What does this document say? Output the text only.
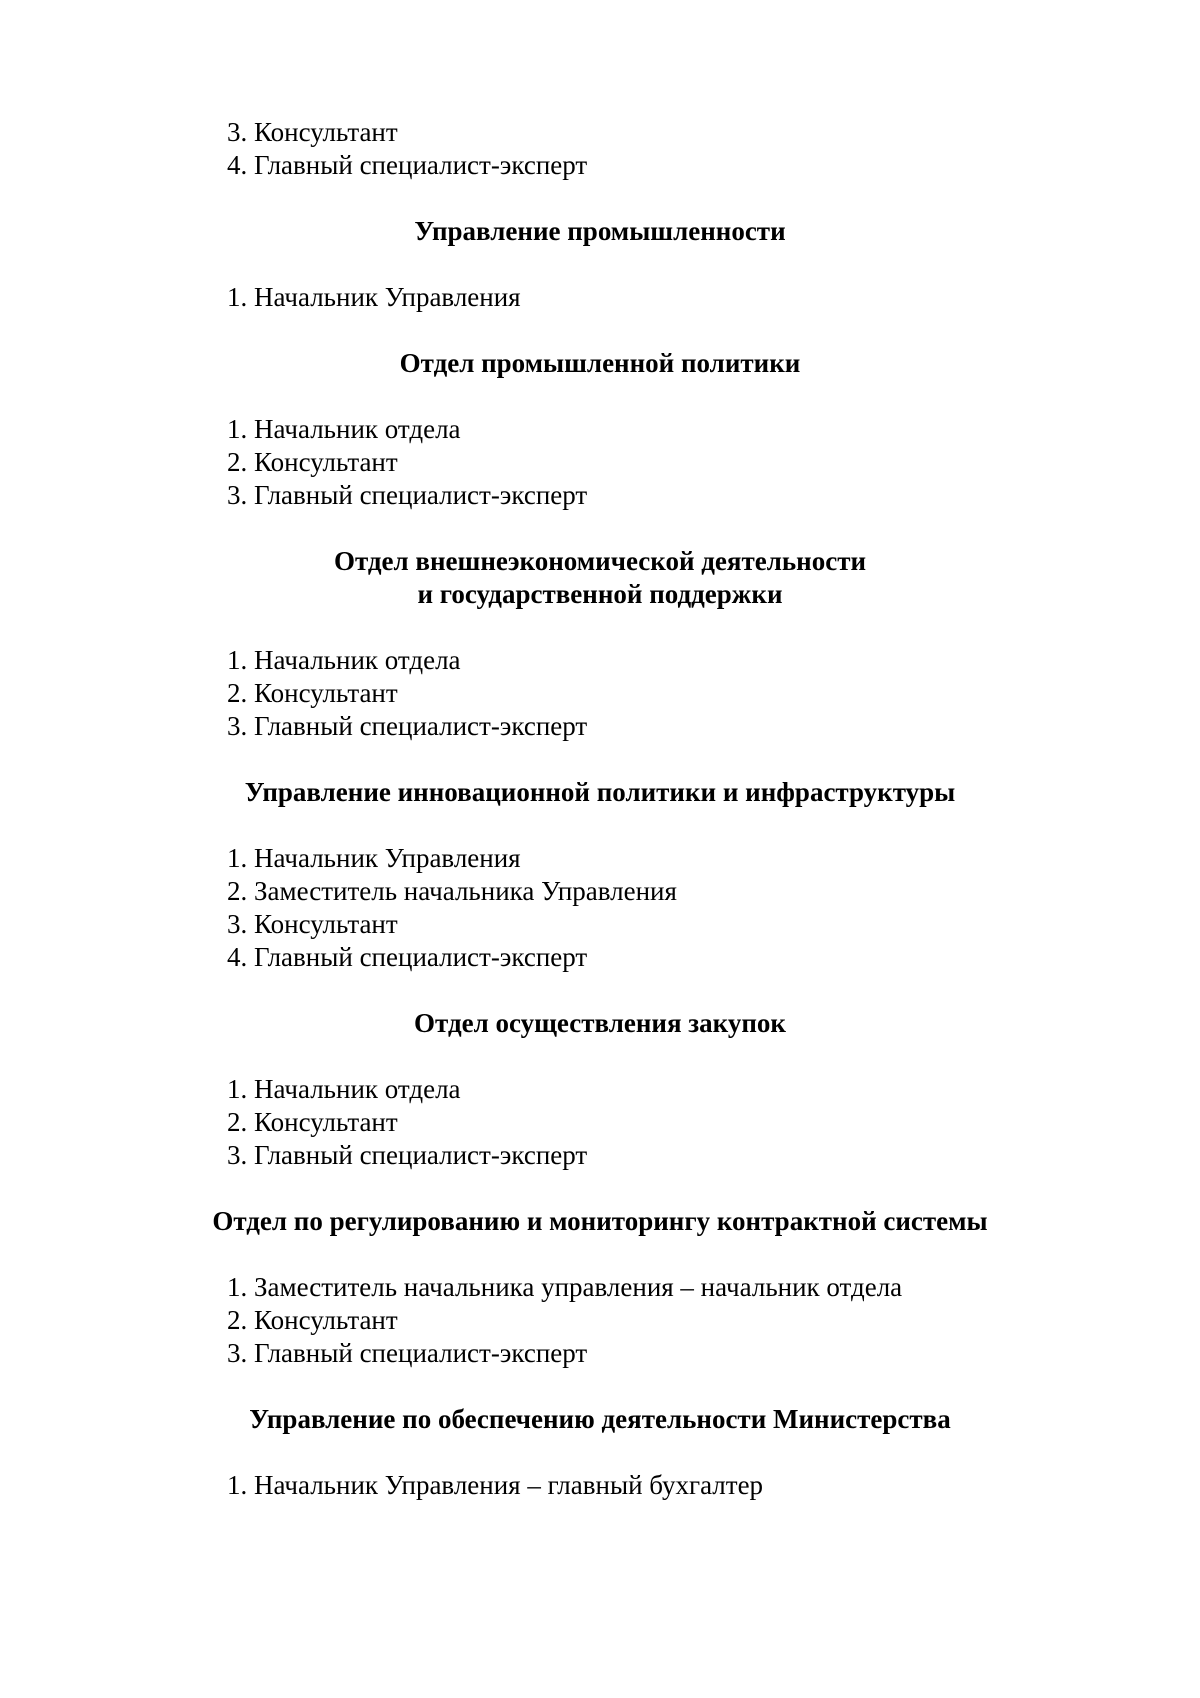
3. Консультант
4. Главный специалист-эксперт
Управление промышленности
1. Начальник Управления
Отдел промышленной политики
1. Начальник отдела
2. Консультант
3. Главный специалист-эксперт
Отдел внешнеэкономической деятельности
и государственной поддержки
1. Начальник отдела
2. Консультант
3. Главный специалист-эксперт
Управление инновационной политики и инфраструктуры
1. Начальник Управления
2. Заместитель начальника Управления
3. Консультант
4. Главный специалист-эксперт
Отдел осуществления закупок
1. Начальник отдела
2. Консультант
3. Главный специалист-эксперт
Отдел по регулированию и мониторингу контрактной системы
1. Заместитель начальника управления – начальник отдела
2. Консультант
3. Главный специалист-эксперт
Управление по обеспечению деятельности Министерства
1. Начальник Управления – главный бухгалтер
